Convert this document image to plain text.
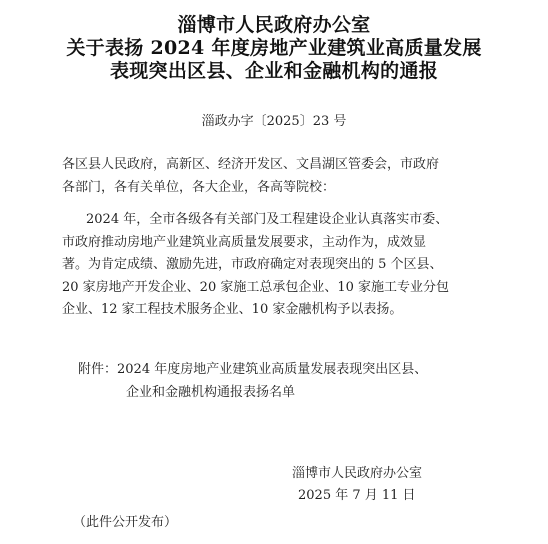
淄博市人民政府办公室
关于表扬 2024 年度房地产业建筑业高质量发展
表现突出区县、企业和金融机构的通报
淄政办字〔2025〕23 号

各区县人民政府，高新区、经济开发区、文昌湖区管委会，市政府

各部门，各有关单位，各大企业，各高等院校：

2024 年，全市各级各有关部门及工程建设企业认真落实市委、

市政府推动房地产业建筑业高质量发展要求，主动作为，成效显

著。为肯定成绩、激励先进，市政府确定对表现突出的 5 个区县、

20 家房地产开发企业、20 家施工总承包企业、10 家施工专业分包

企业、12 家工程技术服务企业、10 家金融机构予以表扬。

附件：2024 年度房地产业建筑业高质量发展表现突出区县、

企业和金融机构通报表扬名单

淄博市人民政府办公室

2025 年 7 月 11 日

（此件公开发布）
